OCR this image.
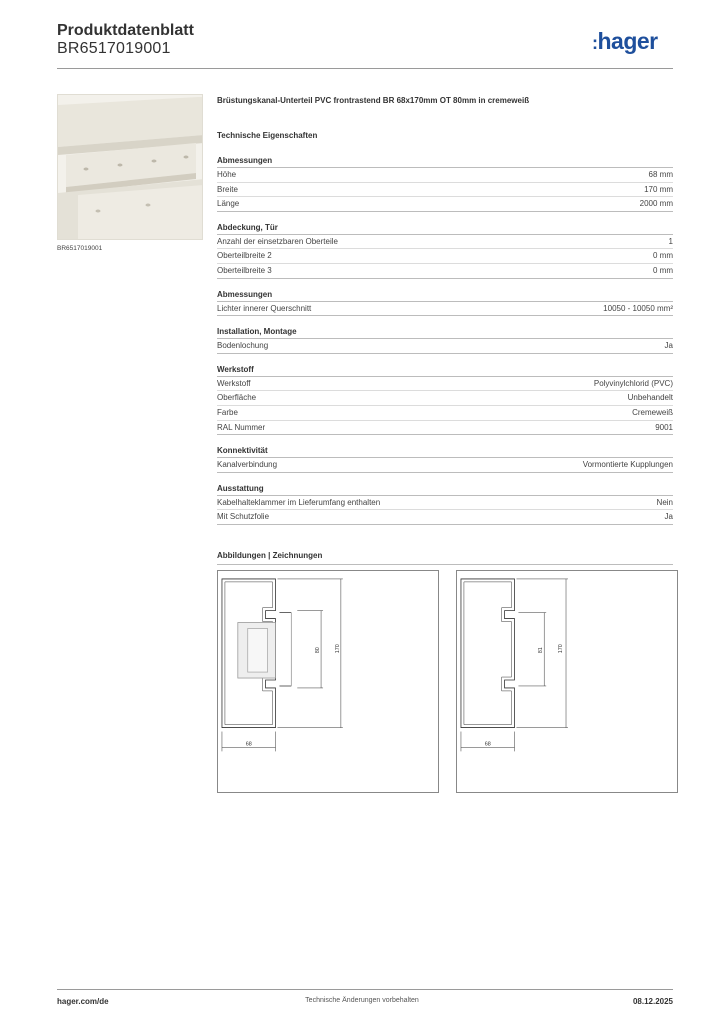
Produktdatenblatt
BR6517019001	:hager
BR6517019001
Brüstungskanal-Unterteil PVC frontrastend BR 68x170mm OT 80mm in cremeweiß
Technische Eigenschaften
Abmessungen
Höhe	68 mm
Breite	170 mm
Länge	2000 mm
Abdeckung, Tür
Anzahl der einsetzbaren Oberteile	1
Oberteilbreite 2	0 mm
Oberteilbreite 3	0 mm
Abmessungen
Lichter innerer Querschnitt	10050 - 10050 mm²
Installation, Montage
Bodenlochung	Ja
Werkstoff
Werkstoff	Polyvinylchlorid (PVC)
Oberfläche	Unbehandelt
Farbe	Cremeweiß
RAL Nummer	9001
Konnektivität
Kanalverbindung	Vormontierte Kupplungen
Ausstattung
Kabelhalteklammer im Lieferumfang enthalten	Nein
Mit Schutzfolie	Ja
Abbildungen | Zeichnungen
68
80	170
68
81	170
hager.com/de	Technische Änderungen vorbehalten	08.12.2025
